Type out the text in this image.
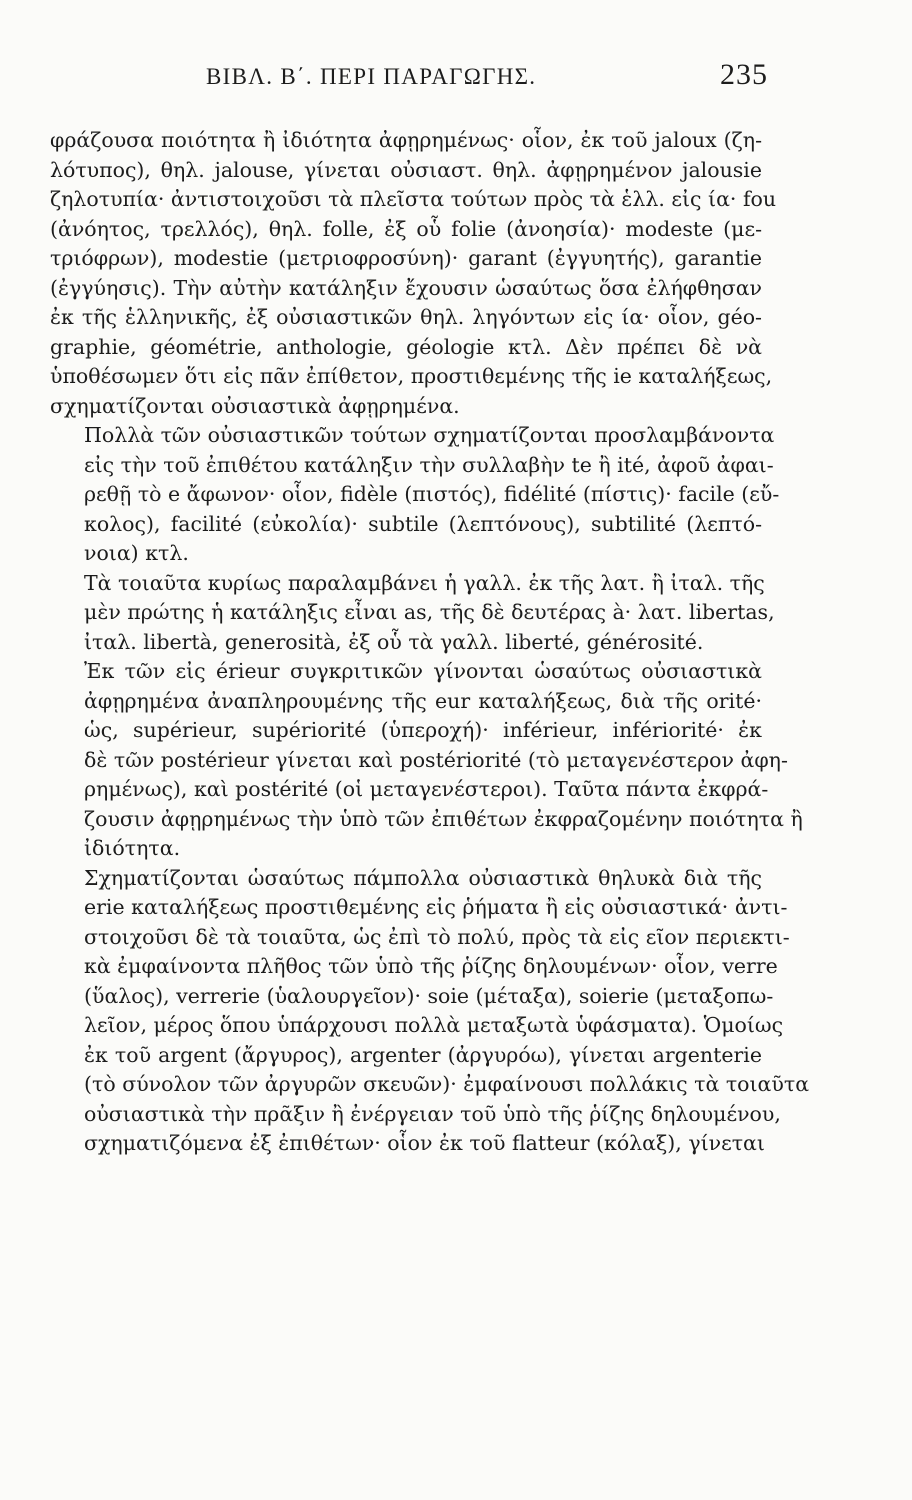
ΒΙΒΛ. Β΄. ΠΕΡΙ ΠΑΡΑΓΩΓΗΣ.	235
φράζουσα ποιότητα ἢ ἰδιότητα ἀφῃρημένως· οἷον, ἐκ τοῦ jaloux (ζη-
λότυπος), θηλ. jalouse, γίνεται οὐσιαστ. θηλ. ἀφῃρημένον jalousie
ζηλοτυπία· ἀντιστοιχοῦσι τὰ πλεῖστα τούτων πρὸς τὰ ἑλλ. εἰς ία· fou
(ἀνόητος, τρελλός), θηλ. folle, ἐξ οὗ folie (ἀνοησία)· modeste (με-
τριόφρων), modestie (μετριοφροσύνη)· garant (ἐγγυητής), garantie
(ἐγγύησις). Τὴν αὐτὴν κατάληξιν ἔχουσιν ὡσαύτως ὅσα ἐλήφθησαν
ἐκ τῆς ἑλληνικῆς, ἐξ οὐσιαστικῶν θηλ. ληγόντων εἰς ία· οἷον, géo-
graphie, géométrie, anthologie, géologie κτλ. Δὲν πρέπει δὲ νὰ
ὑποθέσωμεν ὅτι εἰς πᾶν ἐπίθετον, προστιθεμένης τῆς ie καταλήξεως,
σχηματίζονται οὐσιαστικὰ ἀφῃρημένα.
Πολλὰ τῶν οὐσιαστικῶν τούτων σχηματίζονται προσλαμβάνοντα
εἰς τὴν τοῦ ἐπιθέτου κατάληξιν τὴν συλλαβὴν te ἢ ité, ἀφοῦ ἀφαι-
ρεθῇ τὸ e ἄφωνον· οἷον, fidèle (πιστός), fidélité (πίστις)· facile (εὔ-
κολος), facilité (εὐκολία)· subtile (λεπτόνους), subtilité (λεπτό-
νοια) κτλ.
Τὰ τοιαῦτα κυρίως παραλαμβάνει ἡ γαλλ. ἐκ τῆς λατ. ἢ ἰταλ. τῆς
μὲν πρώτης ἡ κατάληξις εἶναι as, τῆς δὲ δευτέρας à· λατ. libertas,
ἰταλ. libertà, generosità, ἐξ οὗ τὰ γαλλ. liberté, générosité.
Ἐκ τῶν εἰς érieur συγκριτικῶν γίνονται ὡσαύτως οὐσιαστικὰ
ἀφῃρημένα ἀναπληρουμένης τῆς eur καταλήξεως, διὰ τῆς orité·
ὡς, supérieur, supériorité (ὑπεροχή)· inférieur, infériorité· ἐκ
δὲ τῶν postérieur γίνεται καὶ postériorité (τὸ μεταγενέστερον ἀφη-
ρημένως), καὶ postérité (οἱ μεταγενέστεροι). Ταῦτα πάντα ἐκφρά-
ζουσιν ἀφῃρημένως τὴν ὑπὸ τῶν ἐπιθέτων ἐκφραζομένην ποιότητα ἢ
ἰδιότητα.
Σχηματίζονται ὡσαύτως πάμπολλα οὐσιαστικὰ θηλυκὰ διὰ τῆς
erie καταλήξεως προστιθεμένης εἰς ῥήματα ἢ εἰς οὐσιαστικά· ἀντι-
στοιχοῦσι δὲ τὰ τοιαῦτα, ὡς ἐπὶ τὸ πολύ, πρὸς τὰ εἰς εῖον περιεκτι-
κὰ ἐμφαίνοντα πλῆθος τῶν ὑπὸ τῆς ῥίζης δηλουμένων· οἷον, verre
(ὕαλος), verrerie (ὑαλουργεῖον)· soie (μέταξα), soierie (μεταξοπω-
λεῖον, μέρος ὅπου ὑπάρχουσι πολλὰ μεταξωτὰ ὑφάσματα). Ὁμοίως
ἐκ τοῦ argent (ἄργυρος), argenter (ἀργυρόω), γίνεται argenterie
(τὸ σύνολον τῶν ἀργυρῶν σκευῶν)· ἐμφαίνουσι πολλάκις τὰ τοιαῦτα
οὐσιαστικὰ τὴν πρᾶξιν ἢ ἐνέργειαν τοῦ ὑπὸ τῆς ῥίζης δηλουμένου,
σχηματιζόμενα ἐξ ἐπιθέτων· οἷον ἐκ τοῦ flatteur (κόλαξ), γίνεται
